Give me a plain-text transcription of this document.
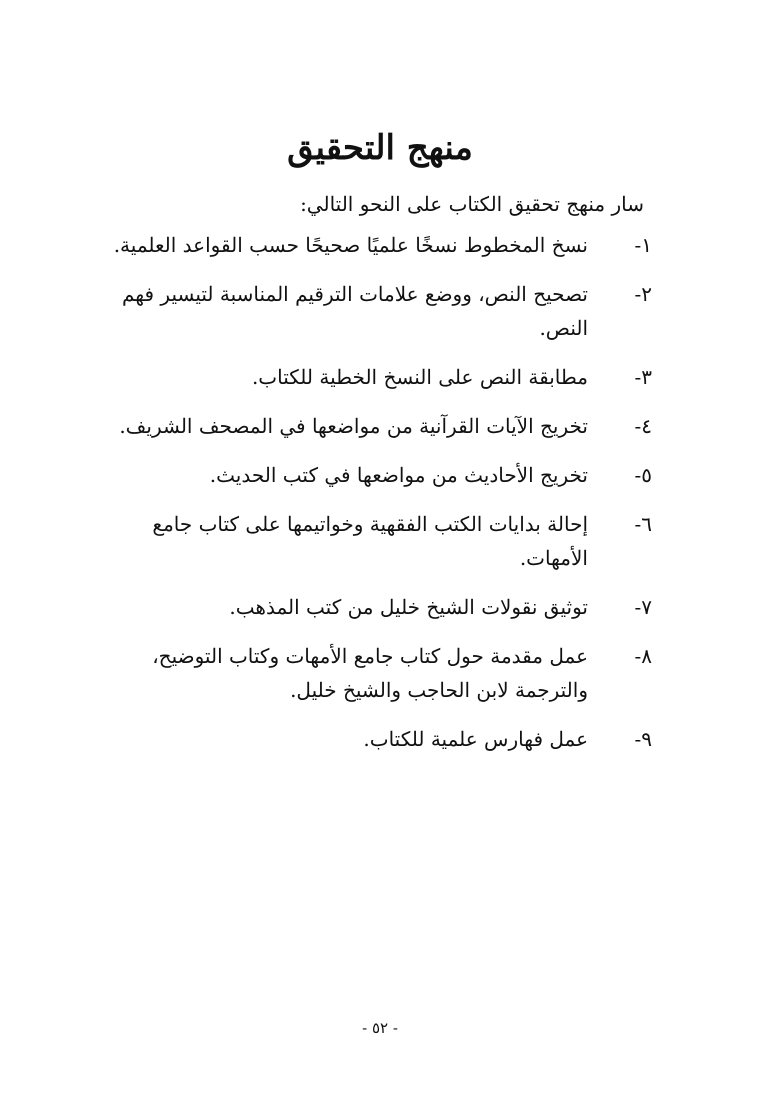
منهج التحقيق

سار منهج تحقيق الكتاب على النحو التالي:

١-
نسخ المخطوط نسخًا علميًا صحيحًا حسب القواعد العلمية.
٢-
تصحيح النص، ووضع علامات الترقيم المناسبة لتيسير فهم النص.
٣-
مطابقة النص على النسخ الخطية للكتاب.
٤-
تخريج الآيات القرآنية من مواضعها في المصحف الشريف.
٥-
تخريج الأحاديث من مواضعها في كتب الحديث.
٦-
إحالة بدايات الكتب الفقهية وخواتيمها على كتاب جامع الأمهات.
٧-
توثيق نقولات الشيخ خليل من كتب المذهب.
٨-
عمل مقدمة حول كتاب جامع الأمهات وكتاب التوضيح، والترجمة لابن الحاجب والشيخ خليل.
٩-
عمل فهارس علمية للكتاب.
- ٥٢ -
